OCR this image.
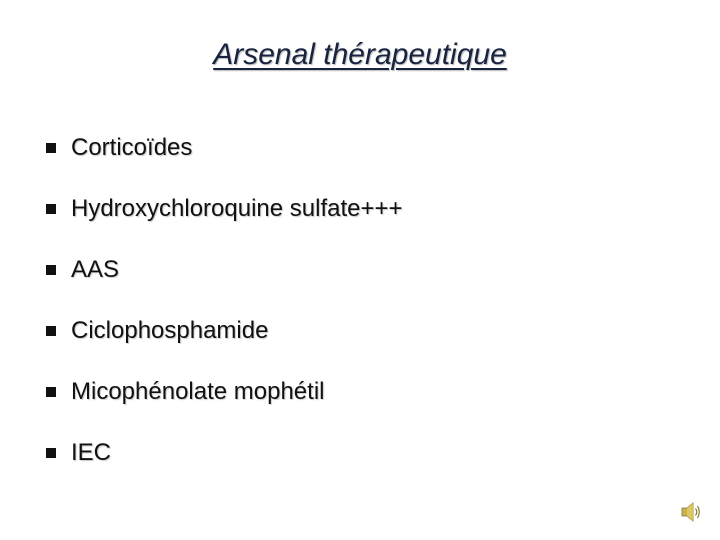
Arsenal thérapeutique
Corticoïdes
Hydroxychloroquine sulfate+++
AAS
Ciclophosphamide
Micophénolate mophétil
IEC
